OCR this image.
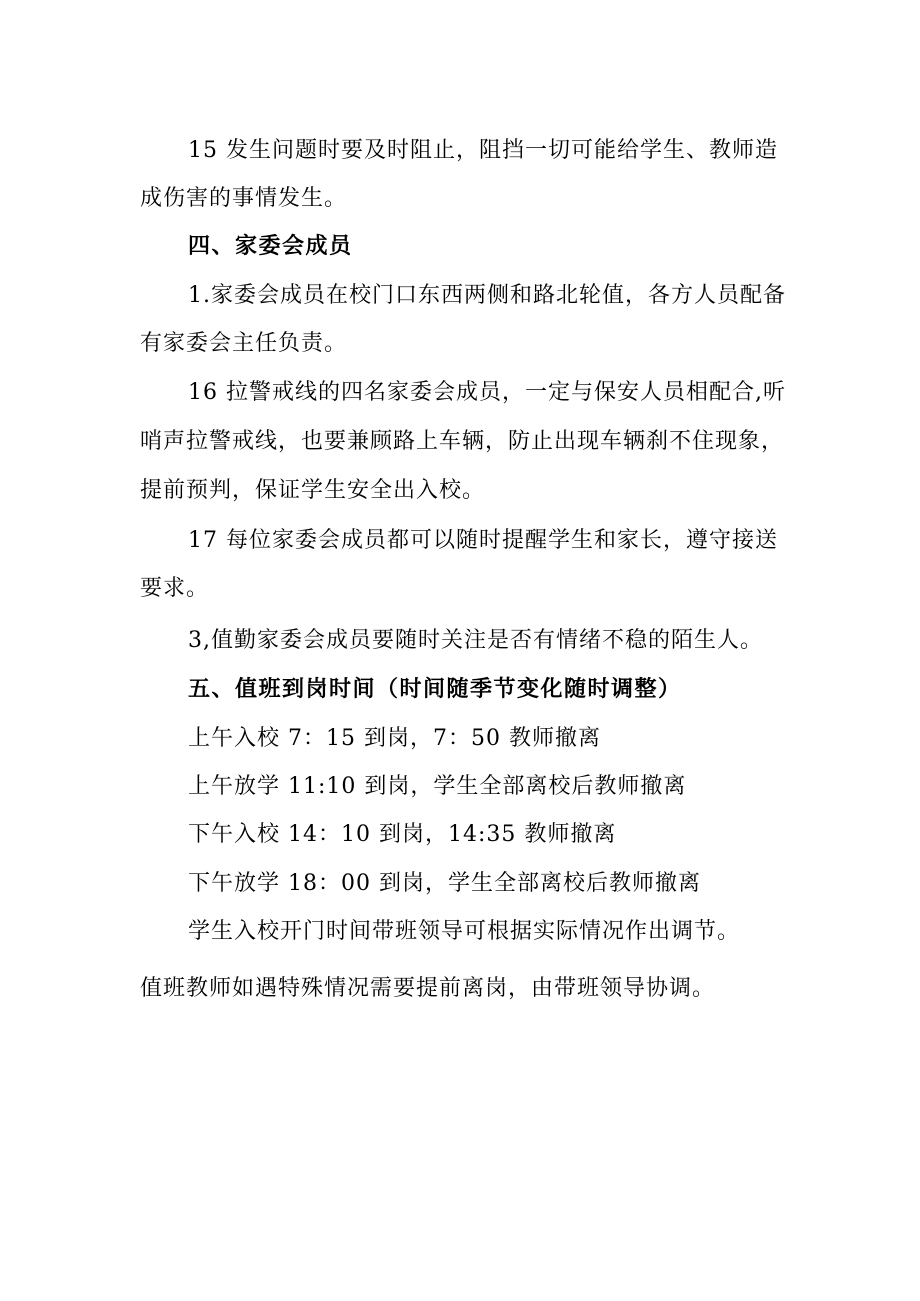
15 发生问题时要及时阻止，阻挡一切可能给学生、教师造
成伤害的事情发生。
四、家委会成员
1.家委会成员在校门口东西两侧和路北轮值，各方人员配备
有家委会主任负责。
16 拉警戒线的四名家委会成员，一定与保安人员相配合,听
哨声拉警戒线，也要兼顾路上车辆，防止出现车辆刹不住现象，
提前预判，保证学生安全出入校。
17 每位家委会成员都可以随时提醒学生和家长，遵守接送
要求。
3,值勤家委会成员要随时关注是否有情绪不稳的陌生人。
五、值班到岗时间（时间随季节变化随时调整）
上午入校 7：15 到岗，7：50 教师撤离
上午放学 11:10 到岗，学生全部离校后教师撤离
下午入校 14：10 到岗，14:35 教师撤离
下午放学 18：00 到岗，学生全部离校后教师撤离
学生入校开门时间带班领导可根据实际情况作出调节。
值班教师如遇特殊情况需要提前离岗，由带班领导协调。
